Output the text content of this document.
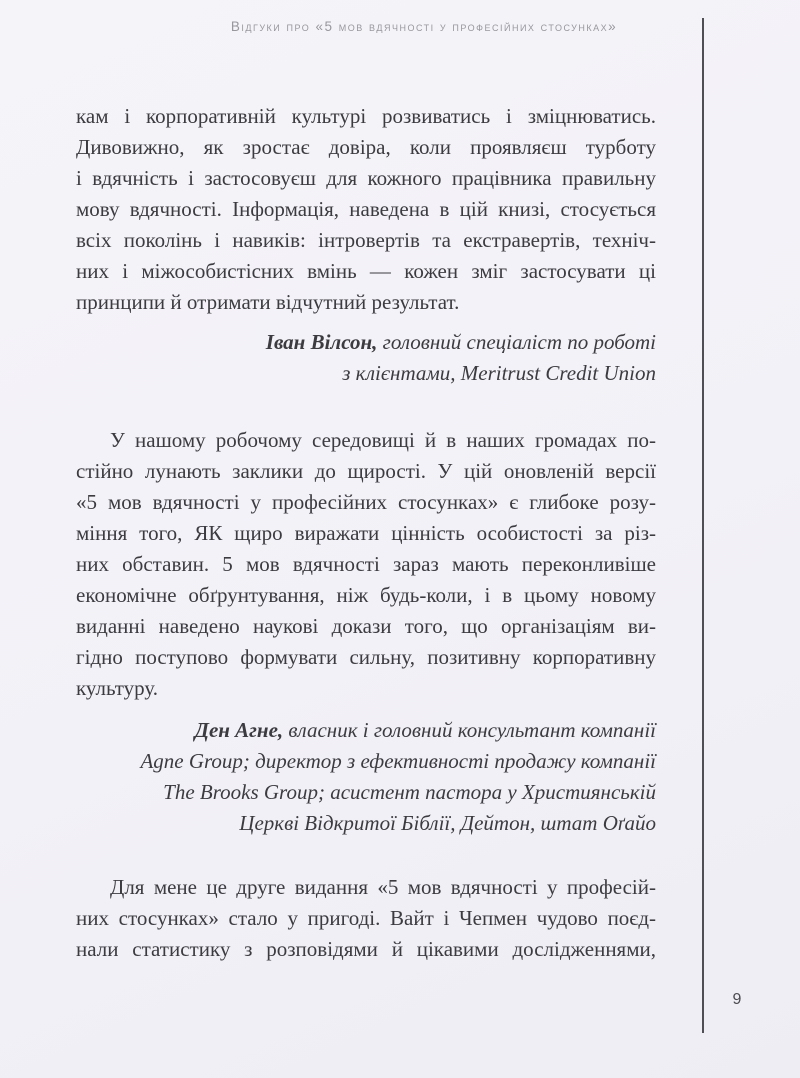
Відгуки про «5 мов вдячності у професійних стосунках»
кам і корпоративній культурі розвиватись і зміцнюватись.
Дивовижно, як зростає довіра, коли проявляєш турботу
і вдячність і застосовуєш для кожного працівника правильну
мову вдячності. Інформація, наведена в цій книзі, стосується
всіх поколінь і навиків: інтровертів та екстравертів, техніч-
них і міжособистісних вмінь — кожен зміг застосувати ці
принципи й отримати відчутний результат.
Іван Вілсон, головний спеціаліст по роботі
з клієнтами, Meritrust Credit Union
У нашому робочому середовищі й в наших громадах по-
стійно лунають заклики до щирості. У цій оновленій версії
«5 мов вдячності у професійних стосунках» є глибоке розу-
міння того, ЯК щиро виражати цінність особистості за різ-
них обставин. 5 мов вдячності зараз мають переконливіше
економічне обґрунтування, ніж будь-коли, і в цьому новому
виданні наведено наукові докази того, що організаціям ви-
гідно поступово формувати сильну, позитивну корпоративну
культуру.
Ден Агне, власник і головний консультант компанії
Agne Group; директор з ефективності продажу компанії
The Brooks Group; асистент пастора у Християнській
Церкві Відкритої Біблії, Дейтон, штат Оґайо
Для мене це друге видання «5 мов вдячності у професій-
них стосунках» стало у пригоді. Вайт і Чепмен чудово поєд-
нали статистику з розповідями й цікавими дослідженнями,
9
